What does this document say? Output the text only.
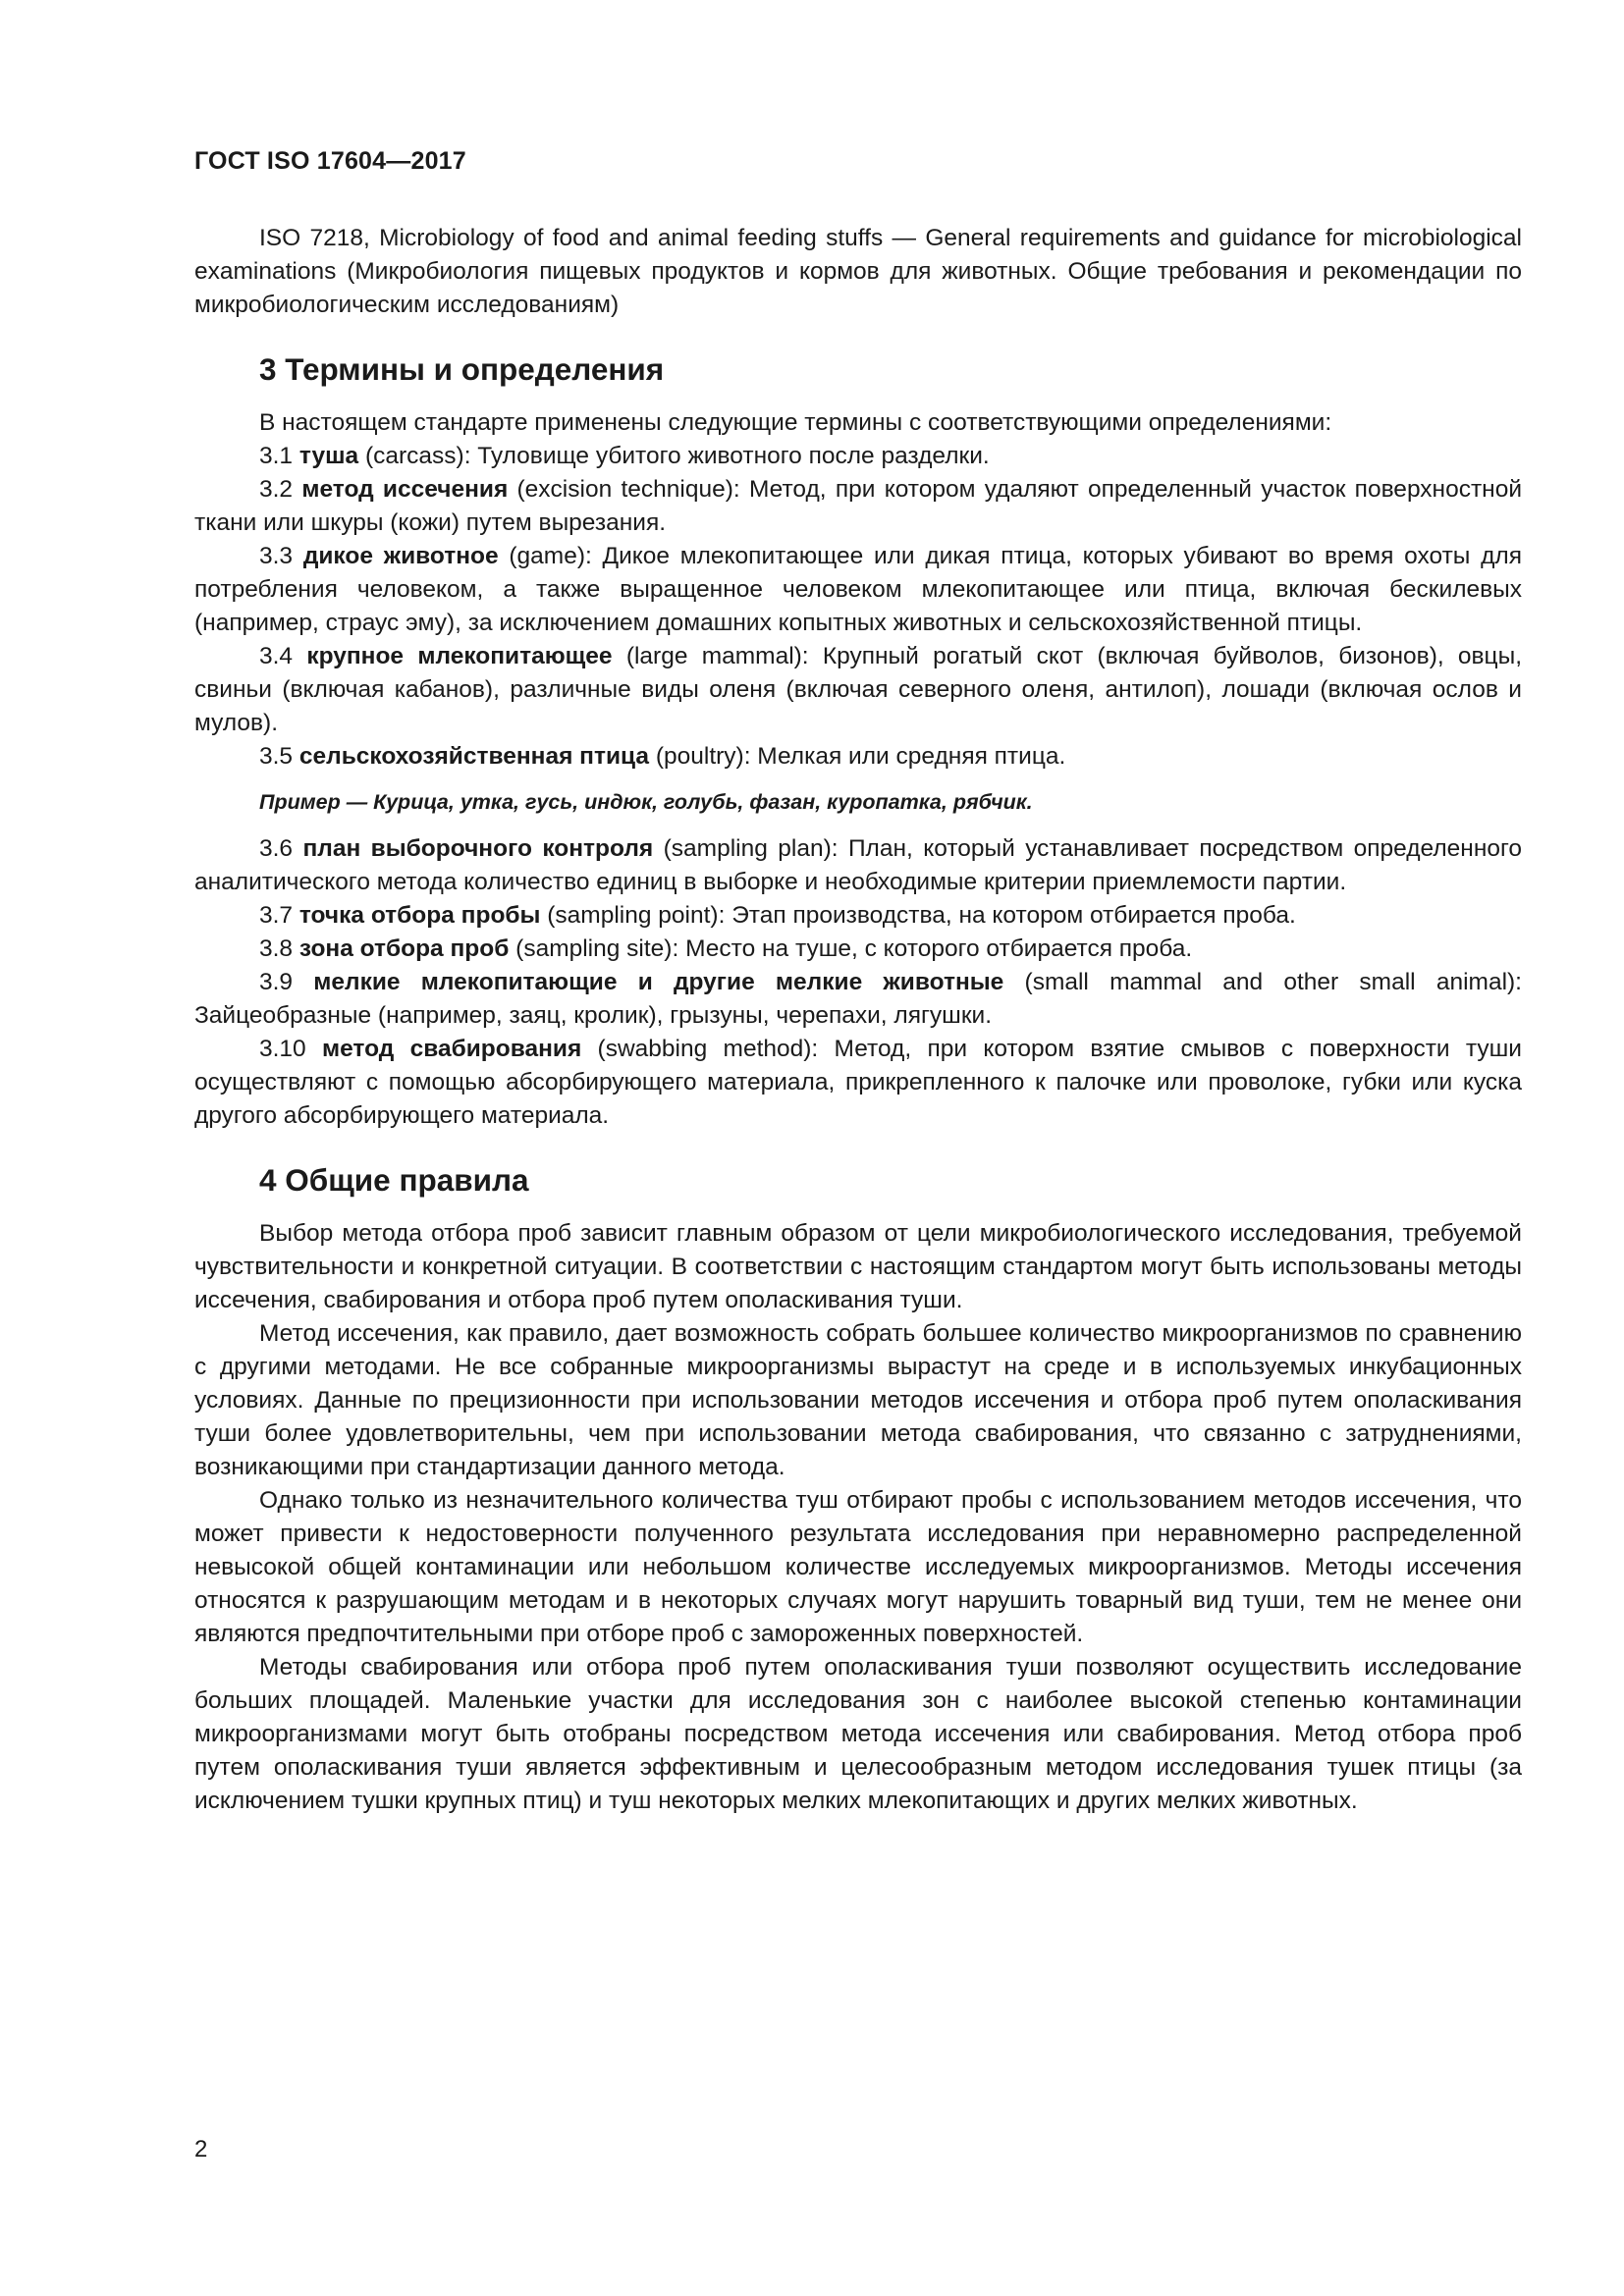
ГОСТ ISO 17604—2017

ISO 7218, Microbiology of food and animal feeding stuffs — General requirements and guidance for microbiological examinations (Микробиология пищевых продуктов и кормов для животных. Общие требования и рекомендации по микробиологическим исследованиям)

3 Термины и определения

В настоящем стандарте применены следующие термины с соответствующими определениями:

3.1 туша (carcass): Туловище убитого животного после разделки.

3.2 метод иссечения (excision technique): Метод, при котором удаляют определенный участок поверхностной ткани или шкуры (кожи) путем вырезания.

3.3 дикое животное (game): Дикое млекопитающее или дикая птица, которых убивают во время охоты для потребления человеком, а также выращенное человеком млекопитающее или птица, включая бескилевых (например, страус эму), за исключением домашних копытных животных и сельскохозяйственной птицы.

3.4 крупное млекопитающее (large mammal): Крупный рогатый скот (включая буйволов, бизонов), овцы, свиньи (включая кабанов), различные виды оленя (включая северного оленя, антилоп), лошади (включая ослов и мулов).

3.5 сельскохозяйственная птица (poultry): Мелкая или средняя птица.

Пример — Курица, утка, гусь, индюк, голубь, фазан, куропатка, рябчик.

3.6 план выборочного контроля (sampling plan): План, который устанавливает посредством определенного аналитического метода количество единиц в выборке и необходимые критерии приемлемости партии.

3.7 точка отбора пробы (sampling point): Этап производства, на котором отбирается проба.

3.8 зона отбора проб (sampling site): Место на туше, с которого отбирается проба.

3.9 мелкие млекопитающие и другие мелкие животные (small mammal and other small animal): Зайцеобразные (например, заяц, кролик), грызуны, черепахи, лягушки.

3.10 метод свабирования (swabbing method): Метод, при котором взятие смывов с поверхности туши осуществляют с помощью абсорбирующего материала, прикрепленного к палочке или проволоке, губки или куска другого абсорбирующего материала.

4 Общие правила

Выбор метода отбора проб зависит главным образом от цели микробиологического исследования, требуемой чувствительности и конкретной ситуации. В соответствии с настоящим стандартом могут быть использованы методы иссечения, свабирования и отбора проб путем ополаскивания туши.

Метод иссечения, как правило, дает возможность собрать большее количество микроорганизмов по сравнению с другими методами. Не все собранные микроорганизмы вырастут на среде и в используемых инкубационных условиях. Данные по прецизионности при использовании методов иссечения и отбора проб путем ополаскивания туши более удовлетворительны, чем при использовании метода свабирования, что связанно с затруднениями, возникающими при стандартизации данного метода.

Однако только из незначительного количества туш отбирают пробы с использованием методов иссечения, что может привести к недостоверности полученного результата исследования при неравномерно распределенной невысокой общей контаминации или небольшом количестве исследуемых микроорганизмов. Методы иссечения относятся к разрушающим методам и в некоторых случаях могут нарушить товарный вид туши, тем не менее они являются предпочтительными при отборе проб с замороженных поверхностей.

Методы свабирования или отбора проб путем ополаскивания туши позволяют осуществить исследование больших площадей. Маленькие участки для исследования зон с наиболее высокой степенью контаминации микроорганизмами могут быть отобраны посредством метода иссечения или свабирования. Метод отбора проб путем ополаскивания туши является эффективным и целесообразным методом исследования тушек птицы (за исключением тушки крупных птиц) и туш некоторых мелких млекопитающих и других мелких животных.

2
